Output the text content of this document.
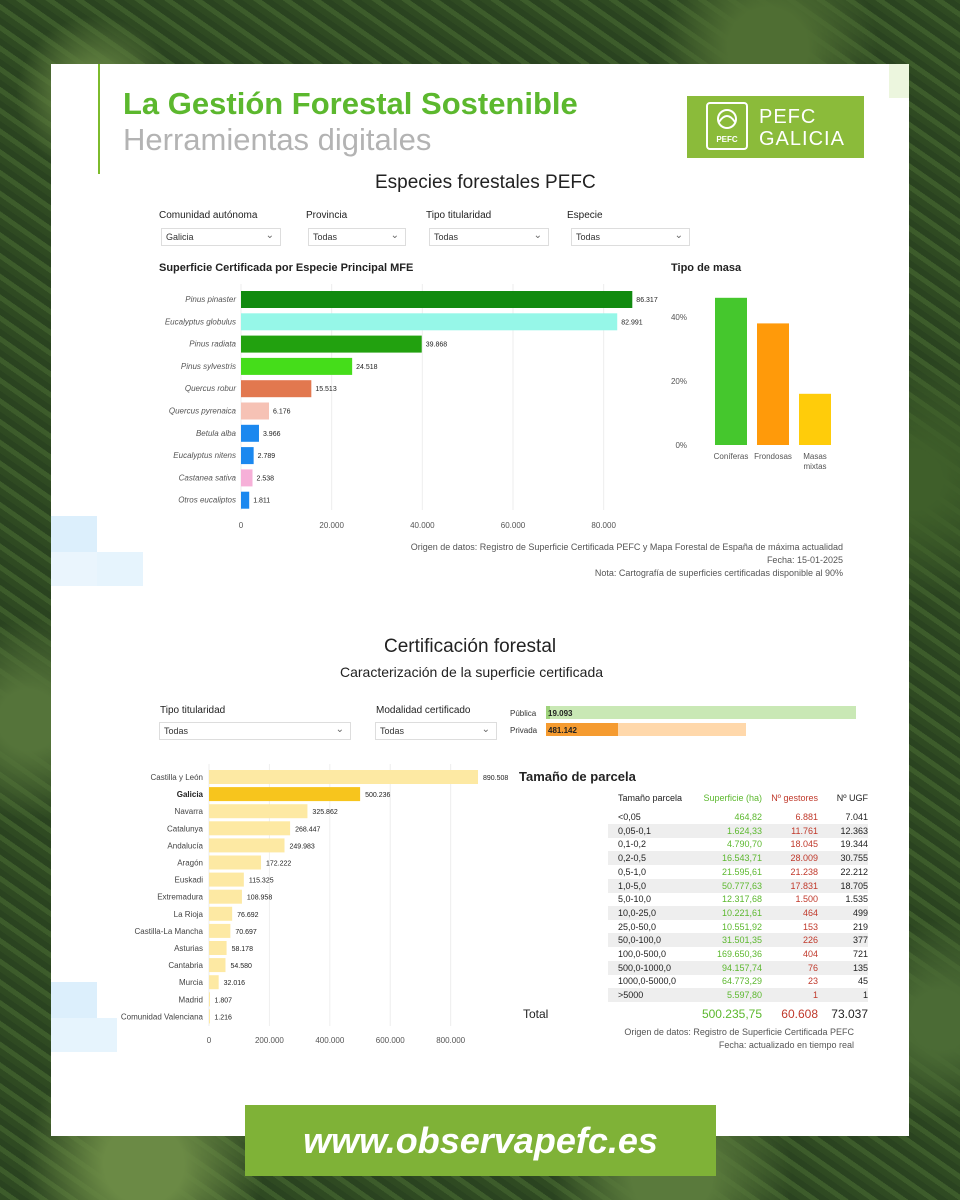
La Gestión Forestal Sostenible
Herramientas digitales	PEFC
PEFC
GALICIA
Especies forestales PEFC
Comunidad autónoma
Galicia	⌄
Provincia
Todas	⌄
Tipo titularidad
Todas	⌄
Especie
Todas	⌄
Superficie Certificada por Especie Principal MFE
0	20.000	40.000	60.000	80.000
Pinus pinaster	86.317
Eucalyptus globulus	82.991
Pinus radiata	39.868
Pinus sylvestris	24.518
Quercus robur	15.513
Quercus pyrenaica	6.176
Betula alba	3.966
Eucalyptus nitens	2.789
Castanea sativa	2.538
Otros eucaliptos 1.811
Tipo de masa
0%
20%
40%
Coníferas Frondosas Masas
mixtas
Origen de datos: Registro de Superficie Certificada PEFC y Mapa Forestal de España de máxima actualidad
Fecha: 15-01-2025
Nota: Cartografía de superficies certificadas disponible al 90%
Certificación forestal
Caracterización de la superficie certificada
Tipo titularidad
Todas	⌄
Modalidad certificado
Todas	⌄
Pública 19.093
Privada 481.142
0	200.000	400.000	600.000	800.000
Castilla y León	890.508
Galicia	500.236
Navarra	325.862
Catalunya	268.447
Andalucía	249.983
Aragón	172.222
Euskadi	115.325
Extremadura	108.958
La Rioja	76.692
Castilla-La Mancha	70.697
Asturias	58.178
Cantabria	54.580
Murcia	32.016
Madrid 1.807
Comunidad Valenciana 1.216
Tamaño de parcela
Tamaño parcela Superficie (ha) Nº gestores Nº UGF
<0,05	464,82	6.881	7.041
0,05-0,1	1.624,33	11.761 12.363
0,1-0,2	4.790,70	18.045 19.344
0,2-0,5	16.543,71	28.009 30.755
0,5-1,0	21.595,61	21.238 22.212
1,0-5,0	50.777,63	17.831 18.705
5,0-10,0	12.317,68	1.500	1.535
10,0-25,0	10.221,61	464	499
25,0-50,0	10.551,92	153	219
50,0-100,0	31.501,35	226	377
100,0-500,0	169.650,36	404	721
500,0-1000,0	94.157,74	76	135
1000,0-5000,0	64.773,29	23	45
>5000	5.597,80	1	1
Total	500.235,75 60.608 73.037
Origen de datos: Registro de Superficie Certificada PEFC
Fecha: actualizado en tiempo real
www.observapefc.es
